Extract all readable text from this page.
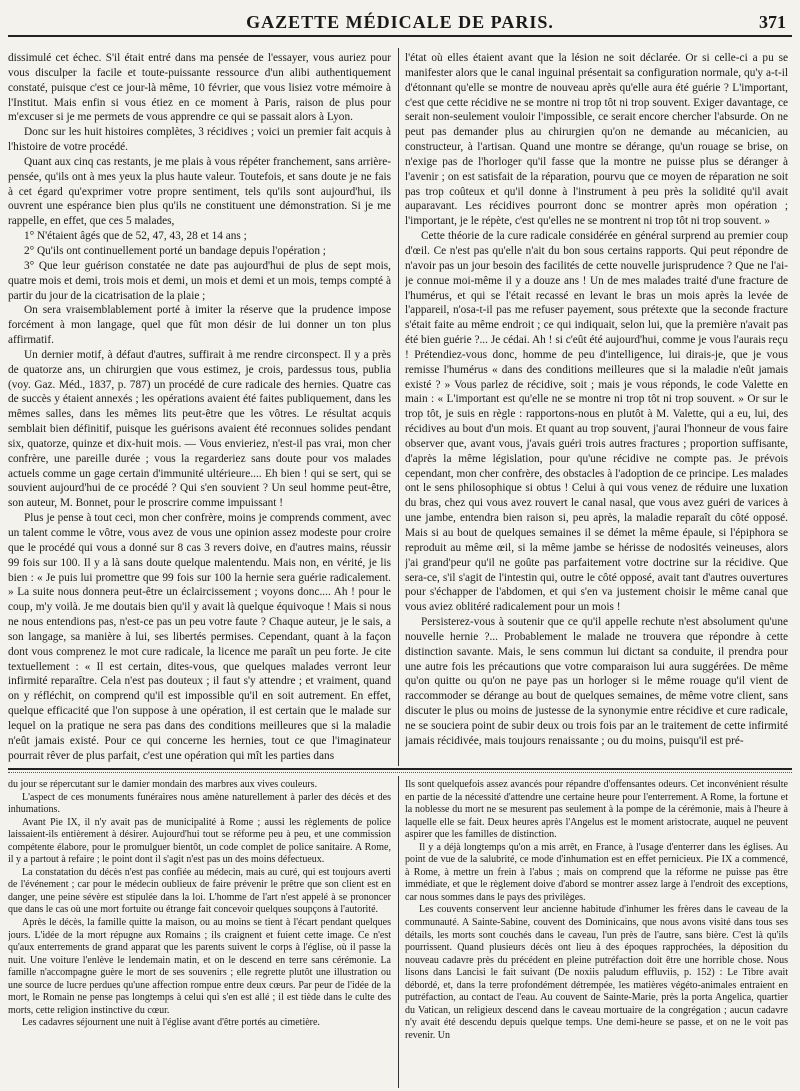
GAZETTE MÉDICALE DE PARIS.	371

dissimulé cet échec. S'il était entré dans ma pensée de l'essayer, vous auriez pour vous disculper la facile et toute-puissante ressource d'un alibi authentiquement constaté, puisque c'est ce jour-là même, 10 février, que vous lisiez votre mémoire à l'Institut. Mais enfin si vous étiez en ce moment à Paris, raison de plus pour m'excuser si je me permets de vous apprendre ce qui se passait alors à Lyon.

Donc sur les huit histoires complètes, 3 récidives ; voici un premier fait acquis à l'histoire de votre procédé.

Quant aux cinq cas restants, je me plais à vous répéter franchement, sans arrière-pensée, qu'ils ont à mes yeux la plus haute valeur. Toutefois, et sans doute je ne fais à cet égard qu'exprimer votre propre sentiment, tels qu'ils sont aujourd'hui, ils ouvrent une espérance bien plus qu'ils ne constituent une démonstration. Si je me rappelle, en effet, que ces 5 malades,

1° N'étaient âgés que de 52, 47, 43, 28 et 14 ans ;

2° Qu'ils ont continuellement porté un bandage depuis l'opération ;

3° Que leur guérison constatée ne date pas aujourd'hui de plus de sept mois, quatre mois et demi, trois mois et demi, un mois et demi et un mois, temps compté à partir du jour de la cicatrisation de la plaie ;

On sera vraisemblablement porté à imiter la réserve que la prudence impose forcément à mon langage, quel que fût mon désir de lui donner un ton plus affirmatif.

Un dernier motif, à défaut d'autres, suffirait à me rendre circonspect. Il y a près de quatorze ans, un chirurgien que vous estimez, je crois, pardessus tous, publia (voy. Gaz. Méd., 1837, p. 787) un procédé de cure radicale des hernies. Quatre cas de succès y étaient annexés ; les opérations avaient été faites publiquement, dans les mêmes salles, dans les mêmes lits peut-être que les vôtres. Le résultat acquis semblait bien définitif, puisque les guérisons avaient été reconnues solides pendant six, quatorze, quinze et dix-huit mois. — Vous envieriez, n'est-il pas vrai, mon cher confrère, une pareille durée ; vous la regarderiez sans doute pour vos malades actuels comme un gage certain d'immunité ultérieure.... Eh bien ! qui se sert, qui se souvient aujourd'hui de ce procédé ? Qui s'en souvient ? Un seul homme peut-être, son auteur, M. Bonnet, pour le proscrire comme impuissant !

Plus je pense à tout ceci, mon cher confrère, moins je comprends comment, avec un talent comme le vôtre, vous avez de vous une opinion assez modeste pour croire que le procédé qui vous a donné sur 8 cas 3 revers doive, en d'autres mains, réussir 99 fois sur 100. Il y a là sans doute quelque malentendu. Mais non, en vérité, je lis bien : « Je puis lui promettre que 99 fois sur 100 la hernie sera guérie radicalement. » La suite nous donnera peut-être un éclaircissement ; voyons donc.... Ah ! pour le coup, m'y voilà. Je me doutais bien qu'il y avait là quelque équivoque ! Mais si nous ne nous entendions pas, n'est-ce pas un peu votre faute ? Chaque auteur, je le sais, a son langage, sa manière à lui, ses libertés permises. Cependant, quant à la façon dont vous comprenez le mot cure radicale, la licence me paraît un peu forte. Je cite textuellement : « Il est certain, dites-vous, que quelques malades verront leur infirmité reparaître. Cela n'est pas douteux ; il faut s'y attendre ; et vraiment, quand on y réfléchit, on comprend qu'il est impossible qu'il en soit autrement. En effet, quelque efficacité que l'on suppose à une opération, il est certain que le malade sur lequel on la pratique ne sera pas dans des conditions meilleures que si la maladie n'eût jamais existé. Pour ce qui concerne les hernies, tout ce que l'imaginateur pourrait rêver de plus parfait, c'est une opération qui mît les parties dans

l'état où elles étaient avant que la lésion ne soit déclarée. Or si celle-ci a pu se manifester alors que le canal inguinal présentait sa configuration normale, qu'y a-t-il d'étonnant qu'elle se montre de nouveau après qu'elle aura été guérie ? L'important, c'est que cette récidive ne se montre ni trop tôt ni trop souvent. Exiger davantage, ce serait non-seulement vouloir l'impossible, ce serait encore chercher l'absurde. On ne peut pas demander plus au chirurgien qu'on ne demande au mécanicien, au constructeur, à l'artisan. Quand une montre se dérange, qu'un rouage se brise, on n'exige pas de l'horloger qu'il fasse que la montre ne puisse plus se déranger à l'avenir ; on est satisfait de la réparation, pourvu que ce moyen de réparation ne soit pas trop coûteux et qu'il donne à l'instrument à peu près la solidité qu'il avait auparavant. Les récidives pourront donc se montrer après mon opération ; l'important, je le répète, c'est qu'elles ne se montrent ni trop tôt ni trop souvent. »

Cette théorie de la cure radicale considérée en général surprend au premier coup d'œil. Ce n'est pas qu'elle n'ait du bon sous certains rapports. Qui peut répondre de n'avoir pas un jour besoin des facilités de cette nouvelle jurisprudence ? Que ne l'ai-je connue moi-même il y a douze ans ! Un de mes malades traité d'une fracture de l'humérus, et qui se l'était recassé en levant le bras un mois après la levée de l'appareil, n'osa-t-il pas me refuser payement, sous prétexte que la seconde fracture s'était faite au même endroit ; ce qui indiquait, selon lui, que la première n'avait pas été bien guérie ?... Je cédai. Ah ! si c'eût été aujourd'hui, comme je vous l'aurais reçu ! Prétendiez-vous donc, homme de peu d'intelligence, lui dirais-je, que je vous remisse l'humérus « dans des conditions meilleures que si la maladie n'eût jamais existé ? » Vous parlez de récidive, soit ; mais je vous réponds, le code Valette en main : « L'important est qu'elle ne se montre ni trop tôt ni trop souvent. » Or sur le trop tôt, je suis en règle : rapportons-nous en plutôt à M. Valette, qui a eu, lui, des récidives au bout d'un mois. Et quant au trop souvent, j'aurai l'honneur de vous faire observer que, avant vous, j'avais guéri trois autres fractures ; proportion suffisante, d'après la même législation, pour qu'une récidive ne compte pas. Je prévois cependant, mon cher confrère, des obstacles à l'adoption de ce principe. Les malades ont le sens philosophique si obtus ! Celui à qui vous venez de réduire une luxation du bras, chez qui vous avez rouvert le canal nasal, que vous avez guéri de varices à une jambe, entendra bien raison si, peu après, la maladie reparaît du côté opposé. Mais si au bout de quelques semaines il se démet la même épaule, si l'épiphora se reproduit au même œil, si la même jambe se hérisse de nodosités veineuses, alors j'ai grand'peur qu'il ne goûte pas parfaitement votre doctrine sur la récidive. Que sera-ce, s'il s'agit de l'intestin qui, outre le côté opposé, avait tant d'autres ouvertures pour s'échapper de l'abdomen, et qui s'en va justement choisir le même canal que vous aviez oblitéré radicalement pour un mois !

Persisterez-vous à soutenir que ce qu'il appelle rechute n'est absolument qu'une nouvelle hernie ?... Probablement le malade ne trouvera que répondre à cette distinction savante. Mais, le sens commun lui dictant sa conduite, il prendra pour une autre fois les précautions que votre comparaison lui aura suggérées. De même qu'on quitte ou qu'on ne paye pas un horloger si le même rouage qu'il vient de raccommoder se dérange au bout de quelques semaines, de même votre client, sans discuter le plus ou moins de justesse de la synonymie entre récidive et cure radicale, ne se souciera point de subir deux ou trois fois par an le traitement de cette infirmité jamais récidivée, mais toujours renaissante ; ou du moins, puisqu'il est pré-

du jour se répercutant sur le damier mondain des marbres aux vives couleurs.

L'aspect de ces monuments funéraires nous amène naturellement à parler des décès et des inhumations.

Avant Pie IX, il n'y avait pas de municipalité à Rome ; aussi les règlements de police laissaient-ils entièrement à désirer. Aujourd'hui tout se réforme peu à peu, et une commission compétente élabore, pour le promulguer bientôt, un code complet de police sanitaire. A Rome, il y a partout à refaire ; le point dont il s'agit n'est pas un des moins défectueux.

La constatation du décès n'est pas confiée au médecin, mais au curé, qui est toujours averti de l'événement ; car pour le médecin oublieux de faire prévenir le prêtre que son client est en danger, une peine sévère est stipulée dans la loi. L'homme de l'art n'est appelé à se prononcer que dans le cas où une mort fortuite ou étrange fait concevoir quelques soupçons à l'autorité.

Après le décès, la famille quitte la maison, ou au moins se tient à l'écart pendant quelques jours. L'idée de la mort répugne aux Romains ; ils craignent et fuient cette image. Ce n'est qu'aux enterrements de grand apparat que les parents suivent le corps à l'église, où il passe la nuit. Une voiture l'enlève le lendemain matin, et on le descend en terre sans cérémonie. La famille n'accompagne guère le mort de ses souvenirs ; elle regrette plutôt une illustration ou une source de lucre perdues qu'une affection rompue entre deux cœurs. Par peur de l'idée de la mort, le Romain ne pense pas longtemps à celui qui s'en est allé ; il est tiède dans le culte des morts, cette religion instinctive du cœur.

Les cadavres séjournent une nuit à l'église avant d'être portés au cimetière.

Ils sont quelquefois assez avancés pour répandre d'offensantes odeurs. Cet inconvénient résulte en partie de la nécessité d'attendre une certaine heure pour l'enterrement. A Rome, la fortune et la noblesse du mort ne se mesurent pas seulement à la pompe de la cérémonie, mais à l'heure à laquelle elle se fait. Deux heures après l'Angelus est le moment aristocrate, auquel ne peuvent aspirer que les familles de distinction.

Il y a déjà longtemps qu'on a mis arrêt, en France, à l'usage d'enterrer dans les églises. Au point de vue de la salubrité, ce mode d'inhumation est en effet pernicieux. Pie IX a commencé, à Rome, à mettre un frein à l'abus ; mais on comprend que la réforme ne puisse pas être immédiate, et que le règlement doive d'abord se montrer assez large à l'endroit des exceptions, car nous sommes dans le pays des privilèges.

Les couvents conservent leur ancienne habitude d'inhumer les frères dans le caveau de la communauté. A Sainte-Sabine, couvent des Dominicains, que nous avons visité dans tous ses détails, les morts sont couchés dans le caveau, l'un près de l'autre, sans bière. C'est là qu'ils pourrissent. Quand plusieurs décès ont lieu à des époques rapprochées, la déposition du nouveau cadavre près du précédent en pleine putréfaction doit être une horrible chose. Nous lisons dans Lancisi le fait suivant (De noxiis paludum effluviis, p. 152) : Le Tibre avait débordé, et, dans la terre profondément détrempée, les matières végéto-animales entraient en putréfaction, au contact de l'eau. Au couvent de Sainte-Marie, près la porta Angelica, quartier du Vatican, un religieux descend dans le caveau mortuaire de la congrégation ; aucun cadavre n'y avait été descendu depuis quelque temps. Une demi-heure se passe, et on ne le voit pas revenir. Un
